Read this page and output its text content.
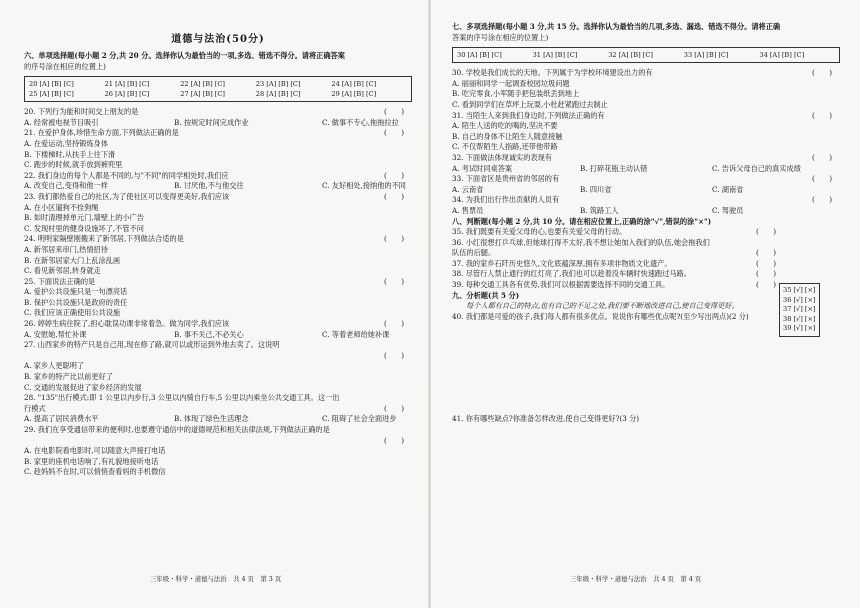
道德与法治(50分)
六、单项选择题(每小题 2 分,共 20 分。选择你认为最恰当的一项,多选、错选不得分。请将正确答案
的序号涂在相应的位置上)
20 [A] [B] [C]	21 [A] [B] [C]	22 [A] [B] [C]	23 [A] [B] [C]	24 [A] [B] [C]
25 [A] [B] [C]	26 [A] [B] [C]	27 [A] [B] [C]	28 [A] [B] [C]	29 [A] [B] [C]
20. 下列行为能和时间交上朋友的是	(　　)
A. 经常被电视节目吸引	B. 按规定时间完成作业	C. 做事不专心,拖拖拉拉
21. 在爱护身体,珍惜生命方面,下列做法正确的是	(　　)
A. 在爱运动,坚持锻炼身体
B. 下楼梯时,从扶手上往下滑
C. 跑步的时候,就手放到裤兜里
22. 我们身边的每个人都是不同的,与"不同"的同学相处时,我们应	(　　)
A. 改变自己,变得和他一样	B. 讨厌他,不与他交往	C. 友好相处,接纳他的不同
23. 我们都热爱自己的社区,为了使社区可以变得更美好,我们应该	(　　)
A. 在小区遛狗不拴狗绳
B. 如时清理掉单元门,墙壁上的小广告
C. 发现村里的健身设施坏了,不管不问
24. 明明家隔壁刚搬来了新邻居,下列做法合适的是	(　　)
A. 新邻居来串门,热情招待
B. 在新邻居家大门上乱涂乱画
C. 看见新邻居,转身就走
25. 下面说法正确的是	(　　)
A. 爱护公共设施只是一句漂亮话
B. 保护公共设施只是政府的责任
C. 我们应该正确使用公共设施
26. 婷婷生病住院了,担心耽误功课非常着急。做为同学,我们应该	(　　)
A. 安慰她,帮忙补课	B. 事不关己,不必关心	C. 等着老师给她补课
27. 山西家乡的特产只是自己用,现在修了路,就可以或形运到外地去卖了。这说明
(　　)
A. 家乡人更聪明了
B. 家乡的特产比以前更好了
C. 交通的发展促进了家乡经济的发展
28. "135"出行模式:即 1 公里以内步行,3 公里以内骑自行车,5 公里以内乘坐公共交通工具。这一出
行模式	(　　)
A. 提高了居民消费水平	B. 体现了绿色生活理念	C. 阻碍了社会全面进步
29. 我们在享受通信带来的便利时,也要遵守通信中的道德规范和相关法律法规,下列做法正确的是
(　　)
A. 在电影院看电影时,可以随意大声接打电话
B. 家里的座机电话响了,有礼貌地接听电话
C. 趁妈妈不在时,可以悄悄查看妈的手机微信
三年级・科学・道德与法治　共 4 页　第 3 页
七、多项选择题(每小题 3 分,共 15 分。选择你认为最恰当的几项,多选、漏选、错选不得分。请将正确
答案的序号涂在相应的位置上)
30 [A] [B] [C]	31 [A] [B] [C]	32 [A] [B] [C]	33 [A] [B] [C]	34 [A] [B] [C]
30. 学校是我们成长的天地。下列属于为学校环境建设出力的有	(　　)
A. 丽丽和同学一起调查校园垃圾问题
B. 吃完零食,小军随手把包装纸丢到地上
C. 看到同学们在草坪上玩耍,小杜赶紧跑过去制止
31. 当陌生人来到我们身边时,下列做法正确的有	(　　)
A. 陌生人送的吃的喝的,坚决不要
B. 自己的身体不让陌生人随意接触
C. 不仅帮陌生人指路,还带他带路
32. 下面做法体现诚实的表现有	(　　)
A. 考试时同桌答案	B. 打碎花瓶主动认错	C. 告诉父母自己的真实成绩
33. 下面省区是贵州省的邻居的有	(　　)
A. 云南省	B. 四川省	C. 湖南省
34. 为我们出行作出贡献的人员有	(　　)
A. 售票员	B. 筑路工人	C. 驾驶员
八、判断题(每小题 2 分,共 10 分。请在相应位置上,正确的涂"√",错误的涂"×")
35. 我们既要有关爱父母的心,也要有关爱父母的行动。	(　　)
36. 小红很想打乒乓球,但她球打得不太好,我不想让她加入我们的队伍,她会拖我们
队伍的后腿。	(　　)
37. 我的家乡石阡历史悠久,文化底蕴深厚,拥有多项非物质文化遗产。	(　　)
38. 尽管行人禁止通行的红灯亮了,我们也可以趁着没车辆时快速跑过马路。	(　　)
39. 每种交通工具各有优势,我们可以根据需要选择不同的交通工具。	(　　)
九、分析题(共 5 分)
每个人都有自己的特点,也有自己的不足之处,我们要不断地改进自己,使自己变得更好。
40. 我们都是可爱的孩子,我们每人都有很多优点。说说你有哪些优点呢?(至少写出两点)(2 分)
41. 你有哪些缺点?你准备怎样改进,使自己变得更好?(3 分)
三年级・科学・道德与法治　共 4 页　第 4 页
35 [√] [×]
36 [√] [×]
37 [√] [×]
38 [√] [×]
39 [√] [×]
